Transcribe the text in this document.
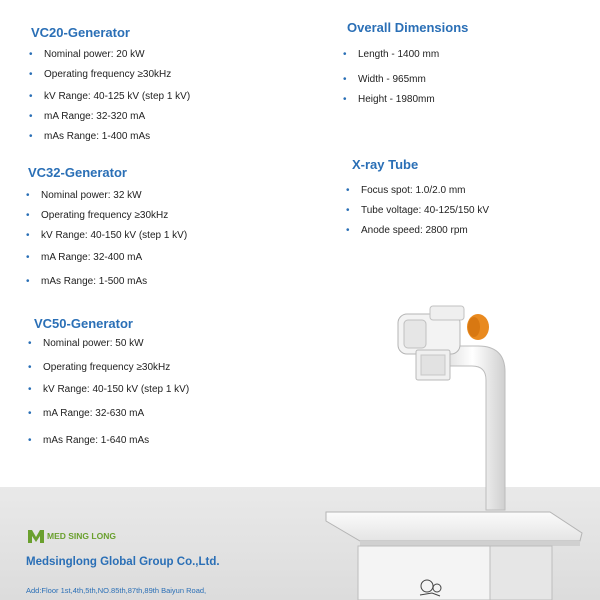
VC20-Generator
• Nominal power: 20 kW
• Operating frequency ≥30kHz
• kV Range: 40-125 kV (step 1 kV)
• mA Range: 32-320 mA
• mAs Range: 1-400 mAs
VC32-Generator
• Nominal power: 32 kW
• Operating frequency ≥30kHz
• kV Range: 40-150 kV (step 1 kV)
• mA Range: 32-400 mA
• mAs Range: 1-500 mAs
VC50-Generator
• Nominal power: 50 kW
• Operating frequency ≥30kHz
• kV Range: 40-150 kV (step 1 kV)
• mA Range: 32-630 mA
• mAs Range: 1-640 mAs
Overall Dimensions
• Length - 1400 mm
• Width - 965mm
• Height - 1980mm
X-ray Tube
• Focus spot: 1.0/2.0 mm
• Tube voltage: 40-125/150 kV
• Anode speed: 2800 rpm
MED SING LONG
Medsinglong Global Group Co.,Ltd.
Add:Floor 1st,4th,5th,NO.85th,87th,89th Baiyun Road,
